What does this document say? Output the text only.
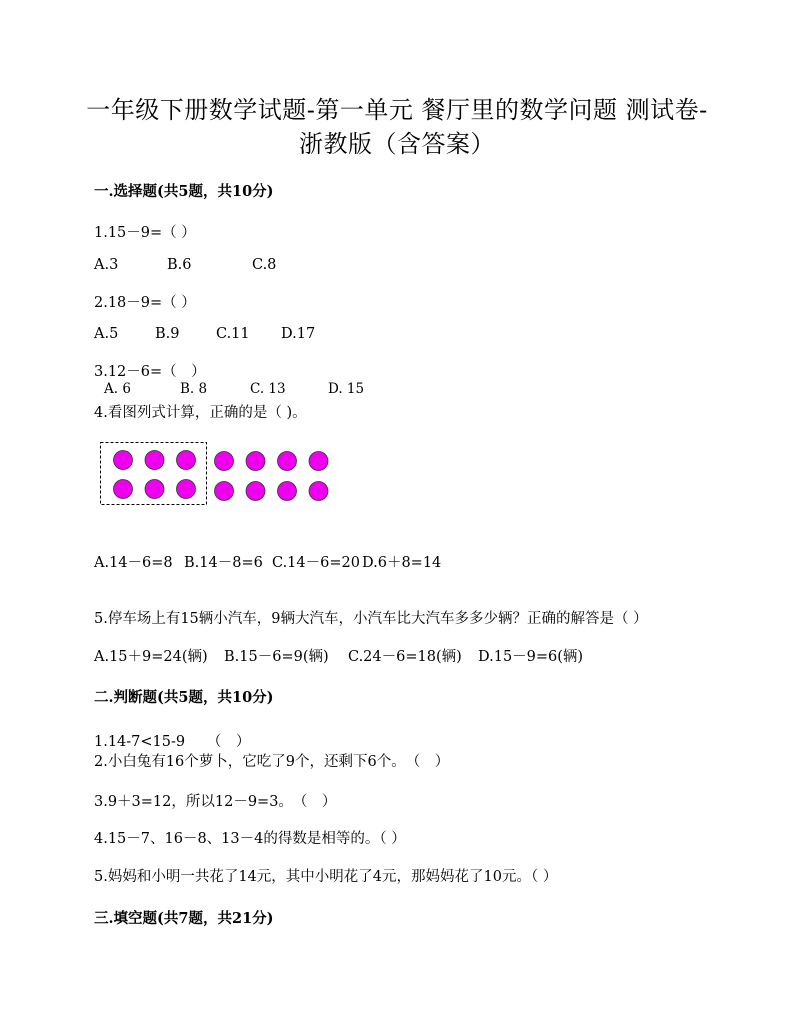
一年级下册数学试题-第一单元 餐厅里的数学问题 测试卷-
浙教版（含答案）
一.选择题(共5题，共10分)
1.15－9=（ ）
A.3	B.6	C.8
2.18－9=（ ）
A.5	B.9	C.11 D.17
3.12－6=（　）
A. 6	B. 8	C. 13	D. 15
4.看图列式计算，正确的是（ )。
A.14－6=8 B.14－8=6 C.14－6=20 D.6＋8=14
5.停车场上有15辆小汽车，9辆大汽车，小汽车比大汽车多多少辆？正确的解答是（ ）
A.15＋9=24(辆) B.15－6=9(辆) C.24－6=18(辆) D.15－9=6(辆)
二.判断题(共5题，共10分)
1.14-7<15-9　　（　）
2.小白兔有16个萝卜，它吃了9个，还剩下6个。　（　）
3.9＋3=12，所以12－9=3。　（　）
4.15－7、16－8、13－4的得数是相等的。（ ）
5.妈妈和小明一共花了14元，其中小明花了4元，那妈妈花了10元。（ ）
三.填空题(共7题，共21分)
